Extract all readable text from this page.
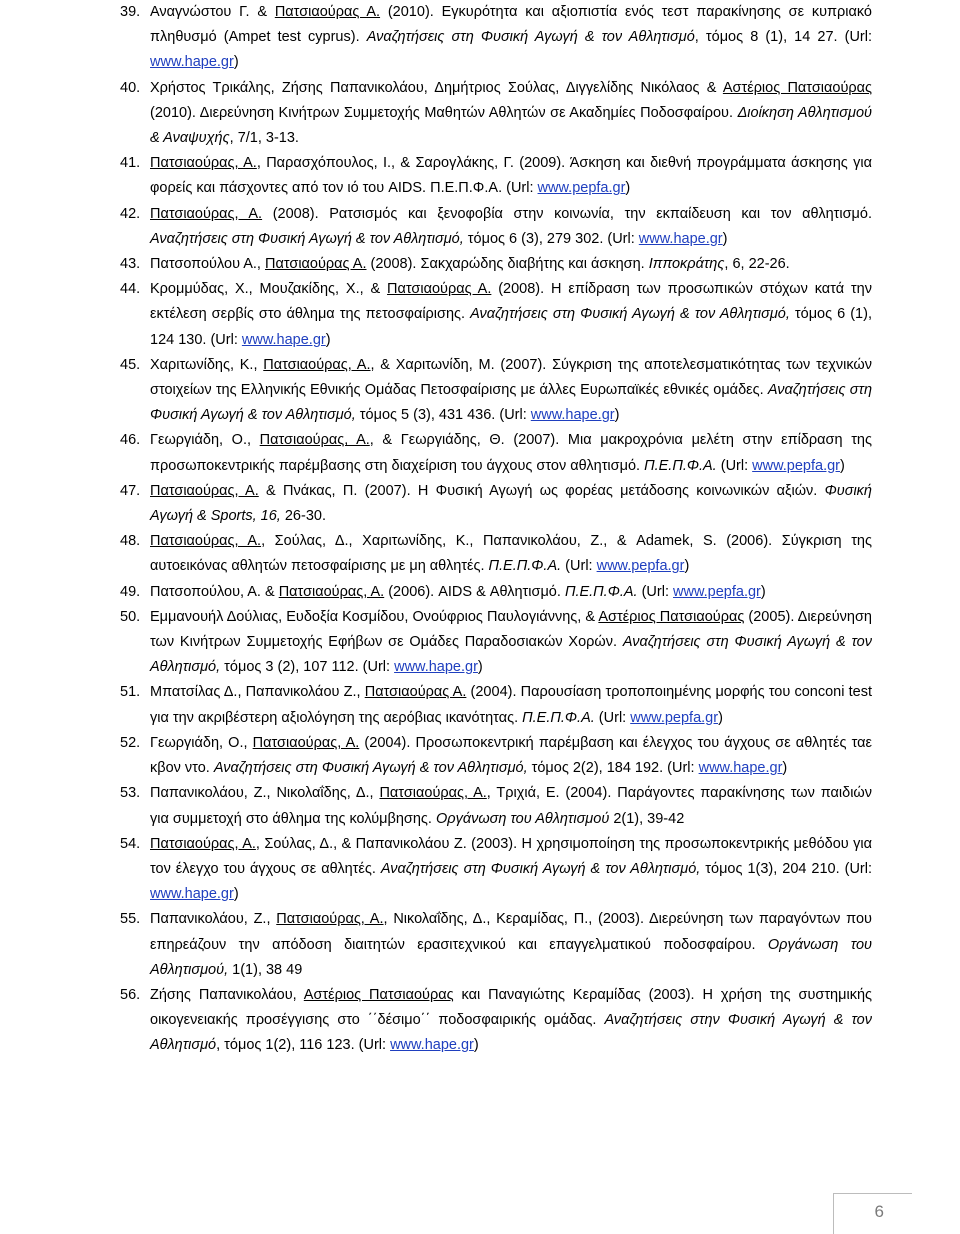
39. Αναγνώστου Γ. & Πατσιαούρας Α. (2010). Εγκυρότητα και αξιοπιστία ενός τεστ παρακίνησης σε κυπριακό πληθυσμό (Ampet test cyprus). Αναζητήσεις στη Φυσική Αγωγή & τον Αθλητισμό, τόμος 8 (1), 14 27. (Url: www.hape.gr)
40. Χρήστος Τρικάλης, Ζήσης Παπανικολάου, Δημήτριος Σούλας, Διγγελίδης Νικόλαος & Αστέριος Πατσιαούρας (2010). Διερεύνηση Κινήτρων Συμμετοχής Μαθητών Αθλητών σε Ακαδημίες Ποδοσφαίρου. Διοίκηση Αθλητισμού & Αναψυχής, 7/1, 3-13.
41. Πατσιαούρας, Α., Παρασχόπουλος, Ι., & Σαρογλάκης, Γ. (2009). Άσκηση και διεθνή προγράμματα άσκησης για φορείς και πάσχοντες από τον ιό του AIDS. Π.Ε.Π.Φ.Α. (Url: www.pepfa.gr)
42. Πατσιαούρας, Α. (2008). Ρατσισμός και ξενοφοβία στην κοινωνία, την εκπαίδευση και τον αθλητισμό. Αναζητήσεις στη Φυσική Αγωγή & τον Αθλητισμό, τόμος 6 (3), 279 302. (Url: www.hape.gr)
43. Πατσοπούλου Α., Πατσιαούρας Α. (2008). Σακχαρώδης διαβήτης και άσκηση. Ιπποκράτης, 6, 22-26.
44. Κρομμύδας, Χ., Μουζακίδης, Χ., & Πατσιαούρας Α. (2008). Η επίδραση των προσωπικών στόχων κατά την εκτέλεση σερβίς στο άθλημα της πετοσφαίρισης. Αναζητήσεις στη Φυσική Αγωγή & τον Αθλητισμό, τόμος 6 (1), 124 130. (Url: www.hape.gr)
45. Χαριτωνίδης, Κ., Πατσιαούρας, Α., & Χαριτωνίδη, Μ. (2007). Σύγκριση της αποτελεσματικότητας των τεχνικών στοιχείων της Ελληνικής Εθνικής Ομάδας Πετοσφαίρισης με άλλες Ευρωπαϊκές εθνικές ομάδες. Αναζητήσεις στη Φυσική Αγωγή & τον Αθλητισμό, τόμος 5 (3), 431 436. (Url: www.hape.gr)
46. Γεωργιάδη, Ο., Πατσιαούρας, Α., & Γεωργιάδης, Θ. (2007). Μια μακροχρόνια μελέτη στην επίδραση της προσωποκεντρικής παρέμβασης στη διαχείριση του άγχους στον αθλητισμό. Π.Ε.Π.Φ.Α. (Url: www.pepfa.gr)
47. Πατσιαούρας, Α. & Πνάκας, Π. (2007). Η Φυσική Αγωγή ως φορέας μετάδοσης κοινωνικών αξιών. Φυσική Αγωγή & Sports, 16, 26-30.
48. Πατσιαούρας, Α., Σούλας, Δ., Χαριτωνίδης, Κ., Παπανικολάου, Ζ., & Adamek, S. (2006). Σύγκριση της αυτοεικόνας αθλητών πετοσφαίρισης με μη αθλητές. Π.Ε.Π.Φ.Α. (Url: www.pepfa.gr)
49. Πατσοπούλου, Α. & Πατσιαούρας, Α. (2006). AIDS & Αθλητισμό. Π.Ε.Π.Φ.Α. (Url: www.pepfa.gr)
50. Εμμανουήλ Δούλιας, Ευδοξία Κοσμίδου, Ονούφριος Παυλογιάννης, & Αστέριος Πατσιαούρας (2005). Διερεύνηση των Κινήτρων Συμμετοχής Εφήβων σε Ομάδες Παραδοσιακών Χορών. Αναζητήσεις στη Φυσική Αγωγή & τον Αθλητισμό, τόμος 3 (2), 107 112. (Url: www.hape.gr)
51. Μπατσίλας Δ., Παπανικολάου Ζ., Πατσιαούρας Α. (2004). Παρουσίαση τροποποιημένης μορφής του conconi test για την ακριβέστερη αξιολόγηση της αερόβιας ικανότητας. Π.Ε.Π.Φ.Α. (Url: www.pepfa.gr)
52. Γεωργιάδη, Ο., Πατσιαούρας, Α. (2004). Προσωποκεντρική παρέμβαση και έλεγχος του άγχους σε αθλητές ταε κβον ντο. Αναζητήσεις στη Φυσική Αγωγή & τον Αθλητισμό, τόμος 2(2), 184 192. (Url: www.hape.gr)
53. Παπανικολάου, Ζ., Νικολαΐδης, Δ., Πατσιαούρας, Α., Τριχιά, Ε. (2004). Παράγοντες παρακίνησης των παιδιών για συμμετοχή στο άθλημα της κολύμβησης. Οργάνωση του Αθλητισμού 2(1), 39-42
54. Πατσιαούρας, Α., Σούλας, Δ., & Παπανικολάου Ζ. (2003). Η χρησιμοποίηση της προσωποκεντρικής μεθόδου για τον έλεγχο του άγχους σε αθλητές. Αναζητήσεις στη Φυσική Αγωγή & τον Αθλητισμό, τόμος 1(3), 204 210. (Url: www.hape.gr)
55. Παπανικολάου, Ζ., Πατσιαούρας, Α., Νικολαΐδης, Δ., Κεραμίδας, Π., (2003). Διερεύνηση των παραγόντων που επηρεάζουν την απόδοση διαιτητών ερασιτεχνικού και επαγγελματικού ποδοσφαίρου. Οργάνωση του Αθλητισμού, 1(1), 38 49
56. Ζήσης Παπανικολάου, Αστέριος Πατσιαούρας και Παναγιώτης Κεραμίδας (2003). Η χρήση της συστημικής οικογενειακής προσέγγισης στο ΄΄δέσιμο΄΄ ποδοσφαιρικής ομάδας. Αναζητήσεις στην Φυσική Αγωγή & τον Αθλητισμό, τόμος 1(2), 116 123. (Url: www.hape.gr)
6
